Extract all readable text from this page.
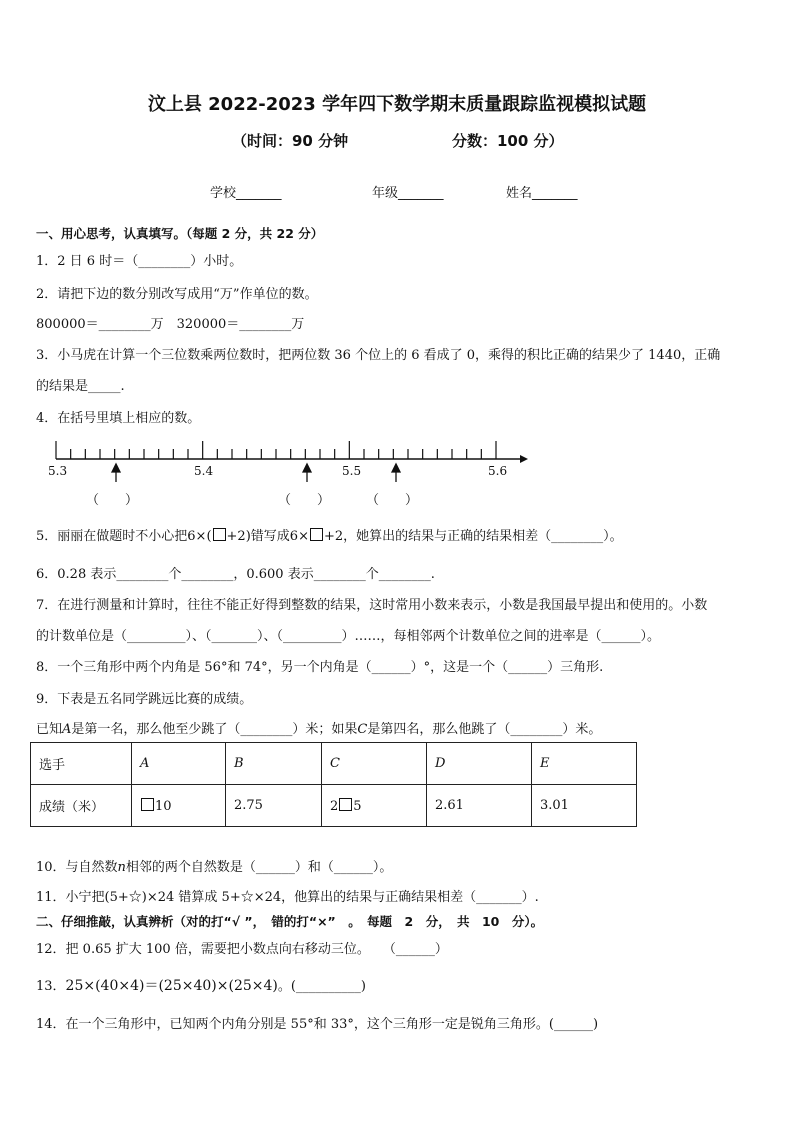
汶上县 2022-2023 学年四下数学期末质量跟踪监视模拟试题
（时间：90 分钟	分数：100 分）
学校_______	年级_______	姓名_______
一、用心思考，认真填写。（每题 2 分，共 22 分）
1．2 日 6 时＝（________）小时。
2．请把下边的数分别改写成用“万”作单位的数。
800000＝________万　320000＝________万
3．小马虎在计算一个三位数乘两位数时，把两位数 36 个位上的 6 看成了 0，乘得的积比正确的结果少了 1440，正确
的结果是_____.
4．在括号里填上相应的数。
5.3	5.4	5.5	5.6
（　　）	（　　）	（　　）
5．丽丽在做题时不小心把6×( +2)错写成6× +2，她算出的结果与正确的结果相差（________）。
6．0.28 表示________个________，0.600 表示________个________.
7．在进行测量和计算时，往往不能正好得到整数的结果，这时常用小数来表示，小数是我国最早提出和使用的。小数
的计数单位是（_________）、（_______）、（_________）……，每相邻两个计数单位之间的进率是（______）。
8．一个三角形中两个内角是 56°和 74°，另一个内角是（______）°，这是一个（______）三角形.
9．下表是五名同学跳远比赛的成绩。
已知A是第一名，那么他至少跳了（________）米；如果C是第四名，那么他跳了（________）米。
选手	A	B	C	D	E
成绩（米）	10	2.75	2 5	2.61	3.01
10．与自然数n相邻的两个自然数是（______）和（______）。
11．小宁把(5+☆)×24 错算成 5+☆×24，他算出的结果与正确结果相差（_______）.
二、仔细推敲，认真辨析（对的打“√ ”，　错的打“×”　。　每题　2　分，　共　10　分）。
12．把 0.65 扩大 100 倍，需要把小数点向右移动三位。　　（______）
13．25×(40×4)＝(25×40)×(25×4)。(__________)
14．在一个三角形中，已知两个内角分别是 55°和 33°，这个三角形一定是锐角三角形。(______)
